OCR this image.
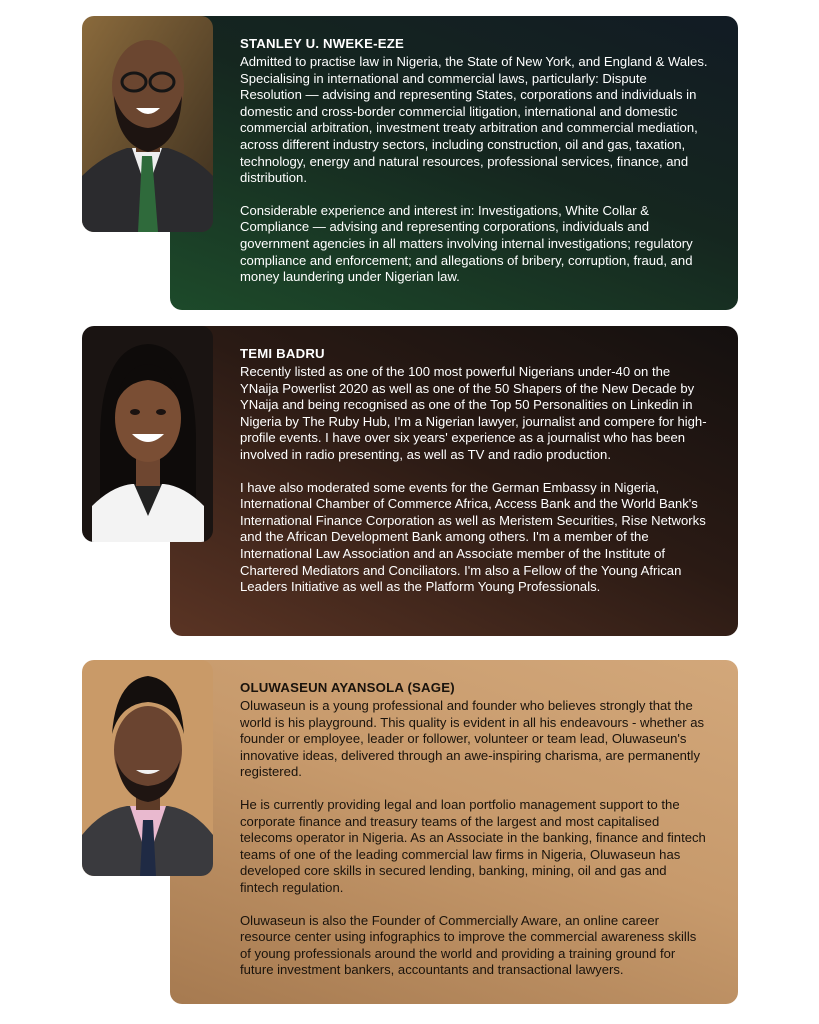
STANLEY U. NWEKE-EZE

Admitted to practise law in Nigeria, the State of New York, and England & Wales. Specialising in international and commercial laws, particularly: Dispute Resolution — advising and representing States, corporations and individuals in domestic and cross-border commercial litigation, international and domestic commercial arbitration, investment treaty arbitration and commercial mediation, across different industry sectors, including construction, oil and gas, taxation, technology, energy and natural resources, professional services, finance, and distribution.

Considerable experience and interest in: Investigations, White Collar & Compliance — advising and representing corporations, individuals and government agencies in all matters involving internal investigations; regulatory compliance and enforcement; and allegations of bribery, corruption, fraud, and money laundering under Nigerian law.

TEMI BADRU

Recently listed as one of the 100 most powerful Nigerians under-40 on the YNaija Powerlist 2020 as well as one of the 50 Shapers of the New Decade by YNaija and being recognised as one of the Top 50 Personalities on Linkedin in Nigeria by The Ruby Hub, I'm a Nigerian lawyer, journalist and compere for high-profile events. I have over six years' experience as a journalist who has been involved in radio presenting, as well as TV and radio production.

I have also moderated some events for the German Embassy in Nigeria, International Chamber of Commerce Africa, Access Bank and the World Bank's International Finance Corporation as well as Meristem Securities, Rise Networks and the African Development Bank among others. I'm a member of the International Law Association and an Associate member of the Institute of Chartered Mediators and Conciliators. I'm also a Fellow of the Young African Leaders Initiative as well as the Platform Young Professionals.

OLUWASEUN AYANSOLA (SAGE)

Oluwaseun is a young professional and founder who believes strongly that the world is his playground. This quality is evident in all his endeavours - whether as founder or employee, leader or follower, volunteer or team lead, Oluwaseun's innovative ideas, delivered through an awe-inspiring charisma, are permanently registered.

He is currently providing legal and loan portfolio management support to the corporate finance and treasury teams of the largest and most capitalised telecoms operator in Nigeria. As an Associate in the banking, finance and fintech teams of one of the leading commercial law firms in Nigeria, Oluwaseun has developed core skills in secured lending, banking, mining, oil and gas and fintech regulation.

Oluwaseun is also the Founder of Commercially Aware, an online career resource center using infographics to improve the commercial awareness skills of young professionals around the world and providing a training ground for future investment bankers, accountants and transactional lawyers.
